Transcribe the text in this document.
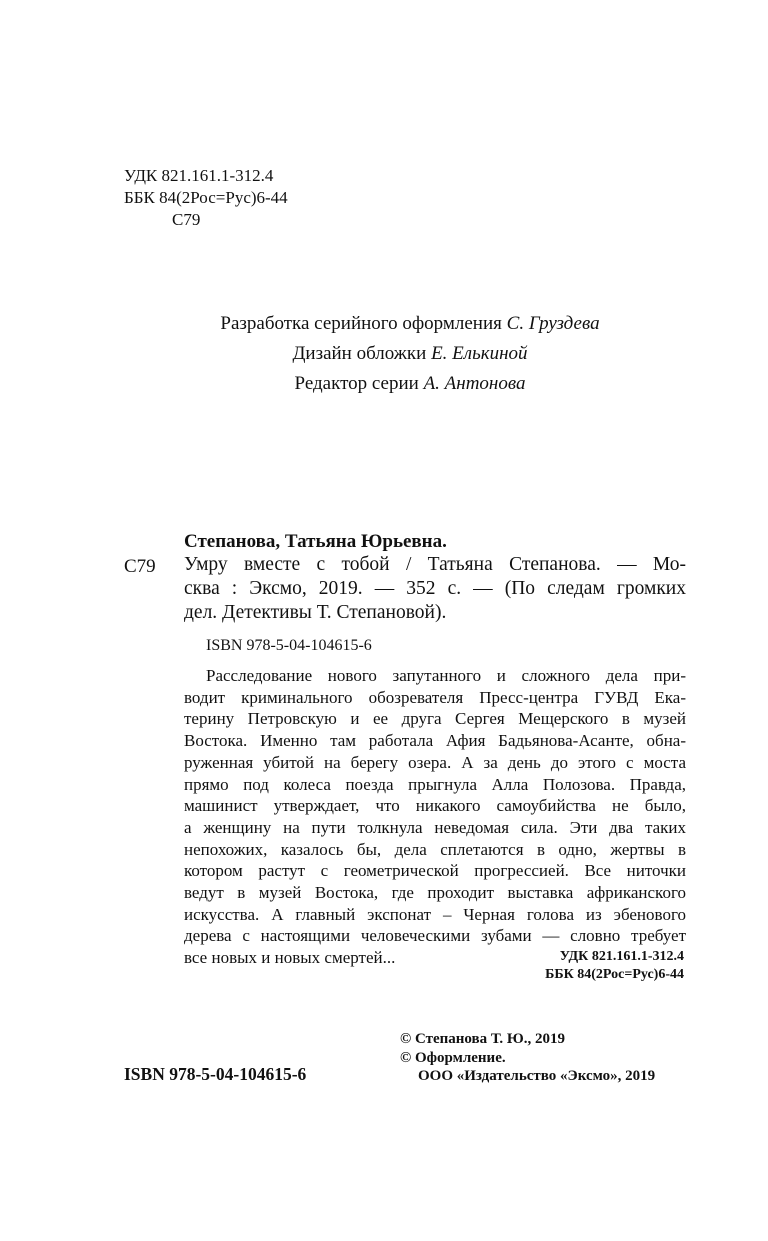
УДК 821.161.1-312.4
ББК 84(2Рос=Рус)6-44
С79
Разработка серийного оформления С. Груздева
Дизайн обложки Е. Елькиной
Редактор серии А. Антонова
Степанова, Татьяна Юрьевна.
С79 Умру вместе с тобой / Татьяна Степанова. — Мо-
сква : Эксмо, 2019. — 352 с. — (По следам громких
дел. Детективы Т. Степановой).
ISBN 978-5-04-104615-6
Расследование нового запутанного и сложного дела при-
водит криминального обозревателя Пресс-центра ГУВД Ека-
терину Петровскую и ее друга Сергея Мещерского в музей
Востока. Именно там работала Афия Бадьянова-Асанте, обна-
руженная убитой на берегу озера. А за день до этого с моста
прямо под колеса поезда прыгнула Алла Полозова. Правда,
машинист утверждает, что никакого самоубийства не было,
а женщину на пути толкнула неведомая сила. Эти два таких
непохожих, казалось бы, дела сплетаются в одно, жертвы в
котором растут с геометрической прогрессией. Все ниточки
ведут в музей Востока, где проходит выставка африканского
искусства. А главный экспонат – Черная голова из эбенового
дерева с настоящими человеческими зубами — словно требует
все новых и новых смертей...	УДК 821.161.1-312.4
ББК 84(2Рос=Рус)6-44
© Степанова Т. Ю., 2019
© Оформление.
ООО «Издательство «Эксмо», 2019
ISBN 978-5-04-104615-6
